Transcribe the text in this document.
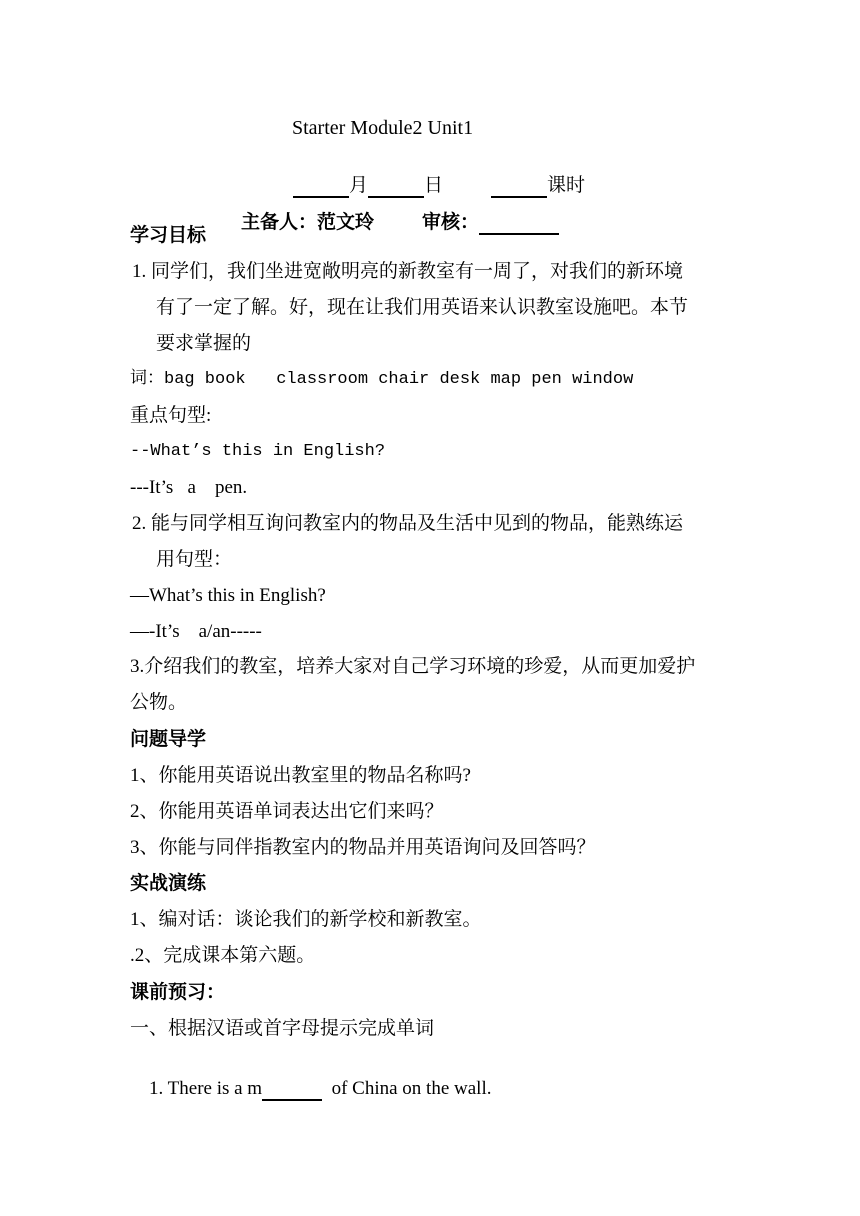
Starter Module2 Unit1

月	日	课时

主备人：范文玲	审核：

学习目标
1. 同学们，我们坐进宽敞明亮的新教室有一周了，对我们的新环境
有了一定了解。好，现在让我们用英语来认识教室设施吧。本节
要求掌握的
词：bag book   classroom chair desk map pen window
重点句型:
--What’s this in English?
---It’s   a    pen.
2. 能与同学相互询问教室内的物品及生活中见到的物品，能熟练运
用句型：
—What’s this in English?
—-It’s    a/an-----
3.介绍我们的教室，培养大家对自己学习环境的珍爱，从而更加爱护
公物。
问题导学
1、你能用英语说出教室里的物品名称吗?
2、你能用英语单词表达出它们来吗？
3、你能与同伴指教室内的物品并用英语询问及回答吗？
实战演练
1、编对话：谈论我们的新学校和新教室。
.2、完成课本第六题。
课前预习：
一、根据汉语或首字母提示完成单词

1. There is a m	of China on the wall.
